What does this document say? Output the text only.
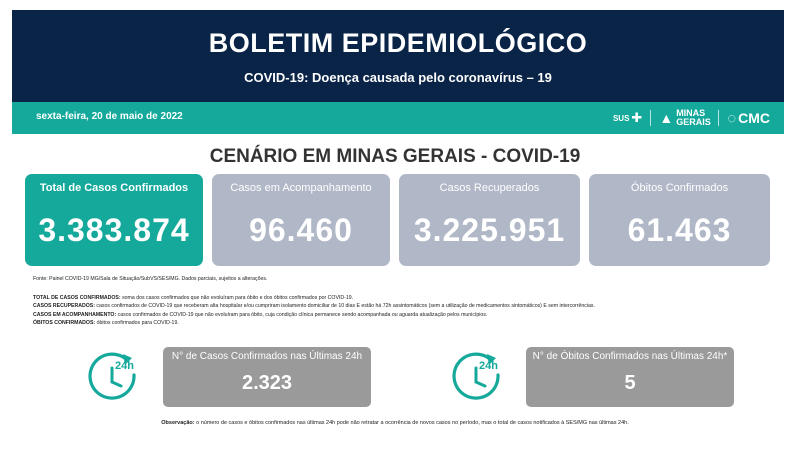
BOLETIM EPIDEMIOLÓGICO
COVID-19: Doença causada pelo coronavírus – 19
sexta-feira, 20 de maio de 2022	SUS ✚ ▲ MINAS
GERAIS ◌ CMC
CENÁRIO EM MINAS GERAIS - COVID-19
Total de Casos Confirmados
3.383.874
Casos em Acompanhamento
96.460
Casos Recuperados
3.225.951
Óbitos Confirmados
61.463

Fonte: Painel COVID-19 MG/Sala de Situação/SubVS/SES/MG. Dados parciais, sujeitos a alterações.

TOTAL DE CASOS CONFIRMADOS: soma dos casos confirmados que não evoluíram para óbito e dos óbitos confirmados por COVID-19.

CASOS RECUPERADOS: casos confirmados de COVID-19 que receberam alta hospitalar e/ou cumpriram isolamento domiciliar de 10 dias E estão há 72h assintomáticos (sem a utilização de medicamentos sintomáticos) E sem intercorrências.

CASOS EM ACOMPANHAMENTO: casos confirmados de COVID-19 que não evoluíram para óbito, cuja condição clínica permanece sendo acompanhada ou aguarda atualização pelos municípios.

ÓBITOS CONFIRMADOS: óbitos confirmados para COVID-19.

24h
N° de Casos Confirmados nas Últimas 24h
2.323
24h
N° de Óbitos Confirmados nas Últimas 24h*
5
Observação: o número de casos e óbitos confirmados nas últimas 24h pode não retratar a ocorrência de novos casos no período, mas o total de casos notificados à SES/MG nas últimas 24h.
